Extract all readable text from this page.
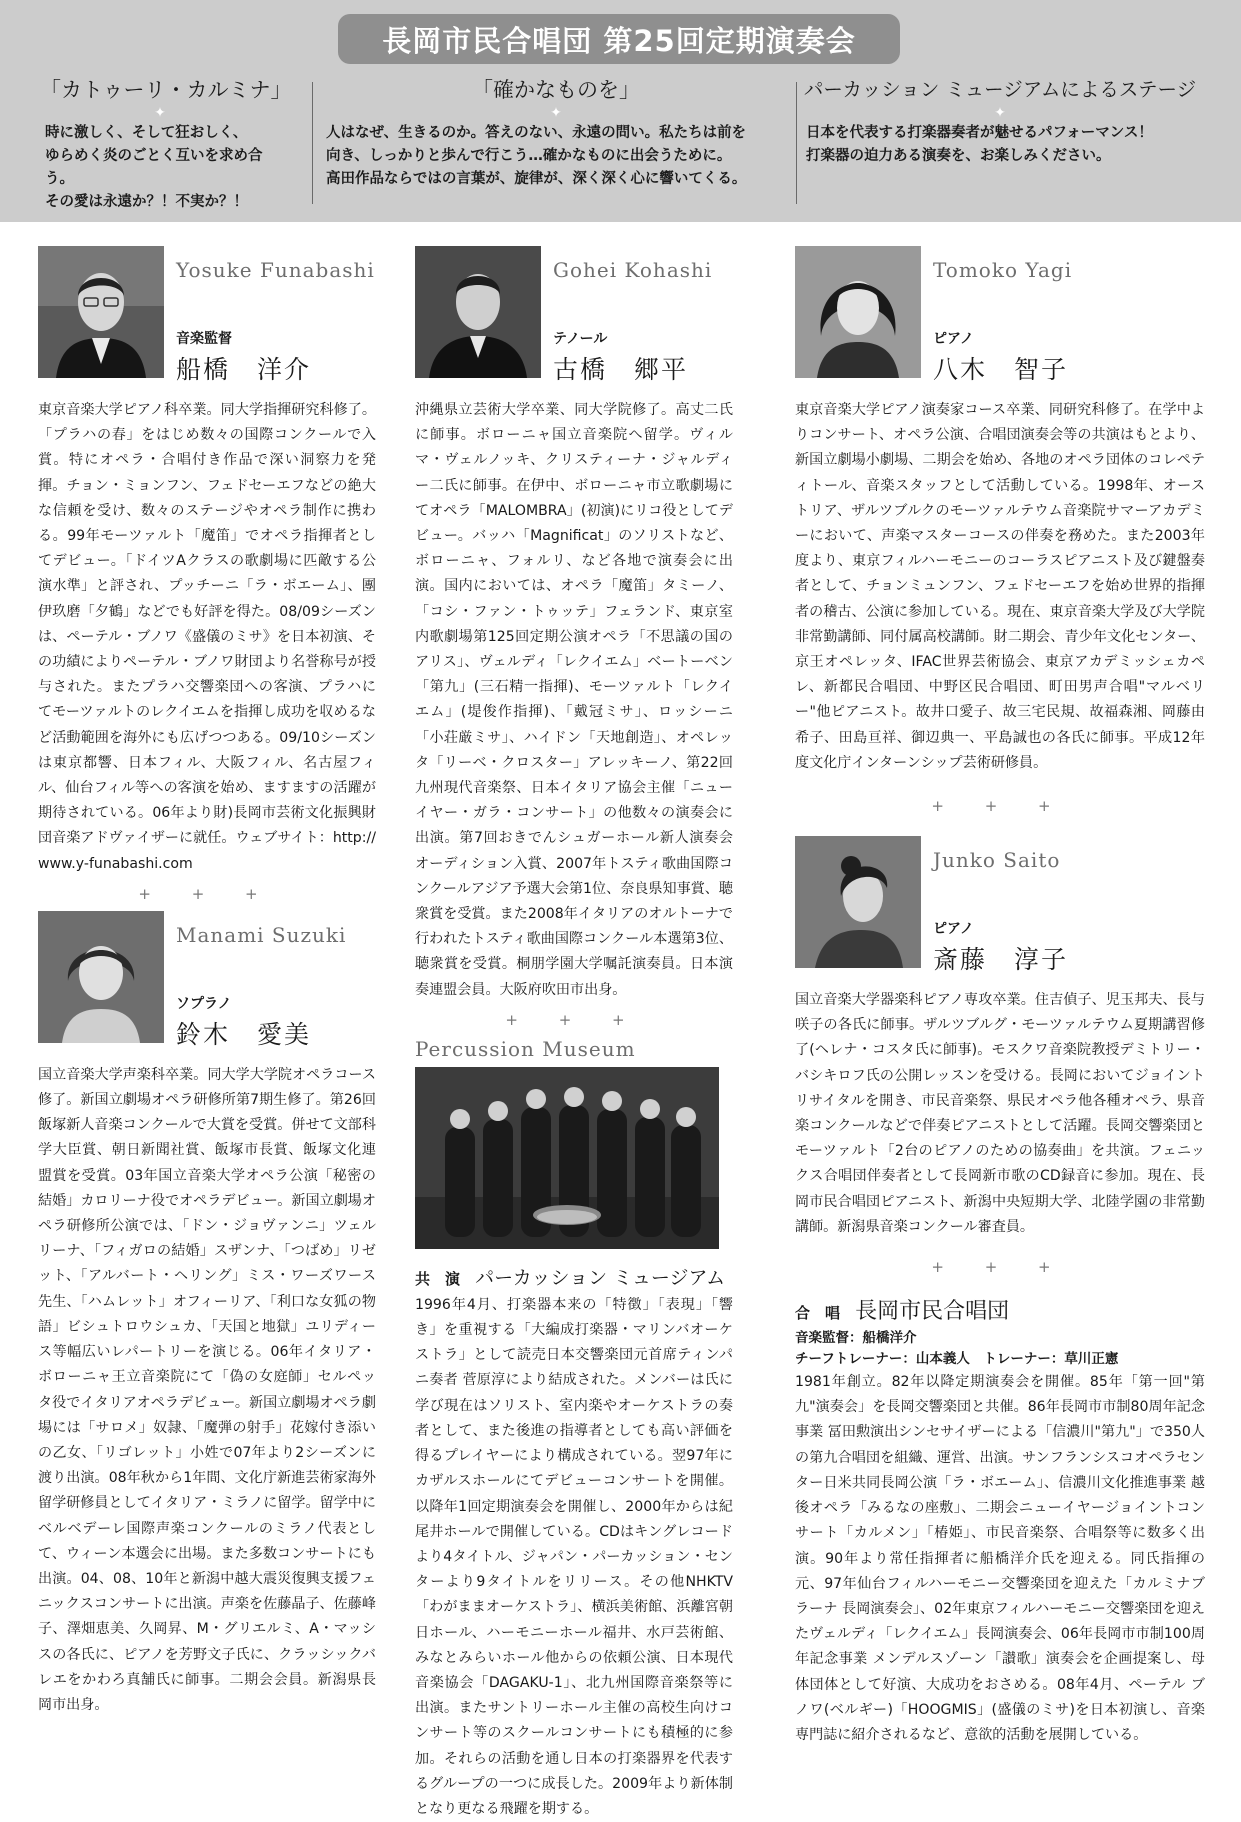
長岡市民合唱団 第25回定期演奏会
「カトゥーリ・カルミナ」
✦
時に激しく、そして狂おしく、
ゆらめく炎のごとく互いを求め合う。
その愛は永遠か？！不実か？！
「確かなものを」
✦
人はなぜ、生きるのか。答えのない、永遠の問い。私たちは前を
向き、しっかりと歩んで行こう…確かなものに出会うために。
高田作品ならではの言葉が、旋律が、深く深く心に響いてくる。
パーカッション ミュージアムによるステージ
✦
日本を代表する打楽器奏者が魅せるパフォーマンス！
打楽器の迫力ある演奏を、お楽しみください。
Yosuke Funabashi
音楽監督
船橋　洋介
東京音楽大学ピアノ科卒業。同大学指揮研究科修了。「プラハの春」をはじめ数々の国際コンクールで入賞。特にオペラ・合唱付き作品で深い洞察力を発揮。チョン・ミョンフン、フェドセーエフなどの絶大な信頼を受け、数々のステージやオペラ制作に携わる。99年モーツァルト「魔笛」でオペラ指揮者としてデビュー。「ドイツAクラスの歌劇場に匹敵する公演水準」と評され、プッチーニ「ラ・ボエーム」、團伊玖磨「夕鶴」などでも好評を得た。08/09シーズンは、ペーテル・ブノワ《盛儀のミサ》を日本初演、その功績によりペーテル・ブノワ財団より名誉称号が授与された。またプラハ交響楽団への客演、プラハにてモーツァルトのレクイエムを指揮し成功を収めるなど活動範囲を海外にも広げつつある。09/10シーズンは東京都響、日本フィル、大阪フィル、名古屋フィル、仙台フィル等への客演を始め、ますますの活躍が期待されている。06年より財)長岡市芸術文化振興財団音楽アドヴァイザーに就任。ウェブサイト：http://www.y-funabashi.com
+ + +
Manami Suzuki
ソプラノ
鈴木　愛美
国立音楽大学声楽科卒業。同大学大学院オペラコース修了。新国立劇場オペラ研修所第7期生修了。第26回飯塚新人音楽コンクールで大賞を受賞。併せて文部科学大臣賞、朝日新聞社賞、飯塚市長賞、飯塚文化連盟賞を受賞。03年国立音楽大学オペラ公演「秘密の結婚」カロリーナ役でオペラデビュー。新国立劇場オペラ研修所公演では、「ドン・ジョヴァンニ」ツェルリーナ、「フィガロの結婚」スザンナ、「つばめ」リゼット、「アルバート・ヘリング」ミス・ワーズワース先生、「ハムレット」オフィーリア、「利口な女狐の物語」ビシュトロウシュカ、「天国と地獄」ユリディース等幅広いレパートリーを演じる。06年イタリア・ボローニャ王立音楽院にて「偽の女庭師」セルペッタ役でイタリアオペラデビュー。新国立劇場オペラ劇場には「サロメ」奴隷、「魔弾の射手」花嫁付き添いの乙女、「リゴレット」小姓で07年より2シーズンに渡り出演。08年秋から1年間、文化庁新進芸術家海外留学研修員としてイタリア・ミラノに留学。留学中にベルベデーレ国際声楽コンクールのミラノ代表として、ウィーン本選会に出場。また多数コンサートにも出演。04、08、10年と新潟中越大震災復興支援フェニックスコンサートに出演。声楽を佐藤晶子、佐藤峰子、澤畑恵美、久岡昇、M・グリエルミ、A・マッシスの各氏に、ピアノを芳野文子氏に、クラッシックバレエをかわろ真舗氏に師事。二期会会員。新潟県長岡市出身。
Gohei Kohashi
テノール
古橋　郷平
沖縄県立芸術大学卒業、同大学院修了。高丈二氏に師事。ボローニャ国立音楽院へ留学。ヴィルマ・ヴェルノッキ、クリスティーナ・ジャルディー二氏に師事。在伊中、ボローニャ市立歌劇場にてオペラ「MALOMBRA」(初演)にリコ役としてデビュー。バッハ「Magnificat」のソリストなど、ボローニャ、フォルリ、など各地で演奏会に出演。国内においては、オペラ「魔笛」タミーノ、「コシ・ファン・トゥッテ」フェランド、東京室内歌劇場第125回定期公演オペラ「不思議の国のアリス」、ヴェルディ「レクイエム」ベートーベン「第九」(三石精一指揮)、モーツァルト「レクイエム」(堤俊作指揮)、「戴冠ミサ」、ロッシーニ「小荘厳ミサ」、ハイドン「天地創造」、オペレッタ「リーベ・クロスター」アレッキーノ、第22回九州現代音楽祭、日本イタリア協会主催「ニューイヤー・ガラ・コンサート」の他数々の演奏会に出演。第7回おきでんシュガーホール新人演奏会オーディション入賞、2007年トスティ歌曲国際コンクールアジア予選大会第1位、奈良県知事賞、聴衆賞を受賞。また2008年イタリアのオルトーナで行われたトスティ歌曲国際コンクール本選第3位、聴衆賞を受賞。桐朋学園大学嘱託演奏員。日本演奏連盟会員。大阪府吹田市出身。
+ + +
Percussion Museum
共　演 パーカッション ミュージアム
1996年4月、打楽器本来の「特徴」「表現」「響き」を重視する「大編成打楽器・マリンバオーケストラ」として読売日本交響楽団元首席ティンパニ奏者 菅原淳により結成された。メンバーは氏に学び現在はソリスト、室内楽やオーケストラの奏者として、また後進の指導者としても高い評価を得るプレイヤーにより構成されている。翌97年にカザルスホールにてデビューコンサートを開催。以降年1回定期演奏会を開催し、2000年からは紀尾井ホールで開催している。CDはキングレコードより4タイトル、ジャパン・パーカッション・センターより9タイトルをリリース。その他NHKTV「わがままオーケストラ」、横浜美術館、浜離宮朝日ホール、ハーモニーホール福井、水戸芸術館、みなとみらいホール他からの依頼公演、日本現代音楽協会「DAGAKU-1」、北九州国際音楽祭等に出演。またサントリーホール主催の高校生向けコンサート等のスクールコンサートにも積極的に参加。それらの活動を通し日本の打楽器界を代表するグループの一つに成長した。2009年より新体制となり更なる飛躍を期する。
Tomoko Yagi
ピアノ
八木　智子
東京音楽大学ピアノ演奏家コース卒業、同研究科修了。在学中よりコンサート、オペラ公演、合唱団演奏会等の共演はもとより、新国立劇場小劇場、二期会を始め、各地のオペラ団体のコレペティトール、音楽スタッフとして活動している。1998年、オーストリア、ザルツブルクのモーツァルテウム音楽院サマーアカデミーにおいて、声楽マスターコースの伴奏を務めた。また2003年度より、東京フィルハーモニーのコーラスピアニスト及び鍵盤奏者として、チョンミュンフン、フェドセーエフを始め世界的指揮者の稽古、公演に参加している。現在、東京音楽大学及び大学院非常勤講師、同付属高校講師。財二期会、青少年文化センター、京王オペレッタ、IFAC世界芸術協会、東京アカデミッシェカペレ、新都民合唱団、中野区民合唱団、町田男声合唱"マルベリー"他ピアニスト。故井口愛子、故三宅民規、故福森湘、岡藤由希子、田島亘祥、御辺典一、平島誠也の各氏に師事。平成12年度文化庁インターンシップ芸術研修員。
+ + +
Junko Saito
ピアノ
斎藤　淳子
国立音楽大学器楽科ピアノ専攻卒業。住吉偵子、児玉邦夫、長与咲子の各氏に師事。ザルツブルグ・モーツァルテウム夏期講習修了(ヘレナ・コスタ氏に師事)。モスクワ音楽院教授デミトリー・バシキロフ氏の公開レッスンを受ける。長岡においてジョイントリサイタルを開き、市民音楽祭、県民オペラ他各種オペラ、県音楽コンクールなどで伴奏ピアニストとして活躍。長岡交響楽団とモーツァルト「2台のピアノのための協奏曲」を共演。フェニックス合唱団伴奏者として長岡新市歌のCD録音に参加。現在、長岡市民合唱団ピアニスト、新潟中央短期大学、北陸学園の非常勤講師。新潟県音楽コンクール審査員。
+ + +
合　唱 長岡市民合唱団
音楽監督：船橋洋介
チーフトレーナー：山本義人　トレーナー：草川正憲
1981年創立。82年以降定期演奏会を開催。85年「第一回"第九"演奏会」を長岡交響楽団と共催。86年長岡市市制80周年記念事業 冨田勲演出シンセサイザーによる「信濃川"第九"」で350人の第九合唱団を組織、運営、出演。サンフランシスコオペラセンター日米共同長岡公演「ラ・ボエーム」、信濃川文化推進事業 越後オペラ「みるなの座敷」、二期会ニューイヤージョイントコンサート「カルメン」「椿姫」、市民音楽祭、合唱祭等に数多く出演。90年より常任指揮者に船橋洋介氏を迎える。同氏指揮の元、97年仙台フィルハーモニー交響楽団を迎えた「カルミナブラーナ 長岡演奏会」、02年東京フィルハーモニー交響楽団を迎えたヴェルディ「レクイエム」長岡演奏会、06年長岡市市制100周年記念事業 メンデルスゾーン「讃歌」演奏会を企画提案し、母体団体として好演、大成功をおさめる。08年4月、ペーテル ブノワ(ベルギー)「HOOGMIS」(盛儀のミサ)を日本初演し、音楽専門誌に紹介されるなど、意欲的活動を展開している。
